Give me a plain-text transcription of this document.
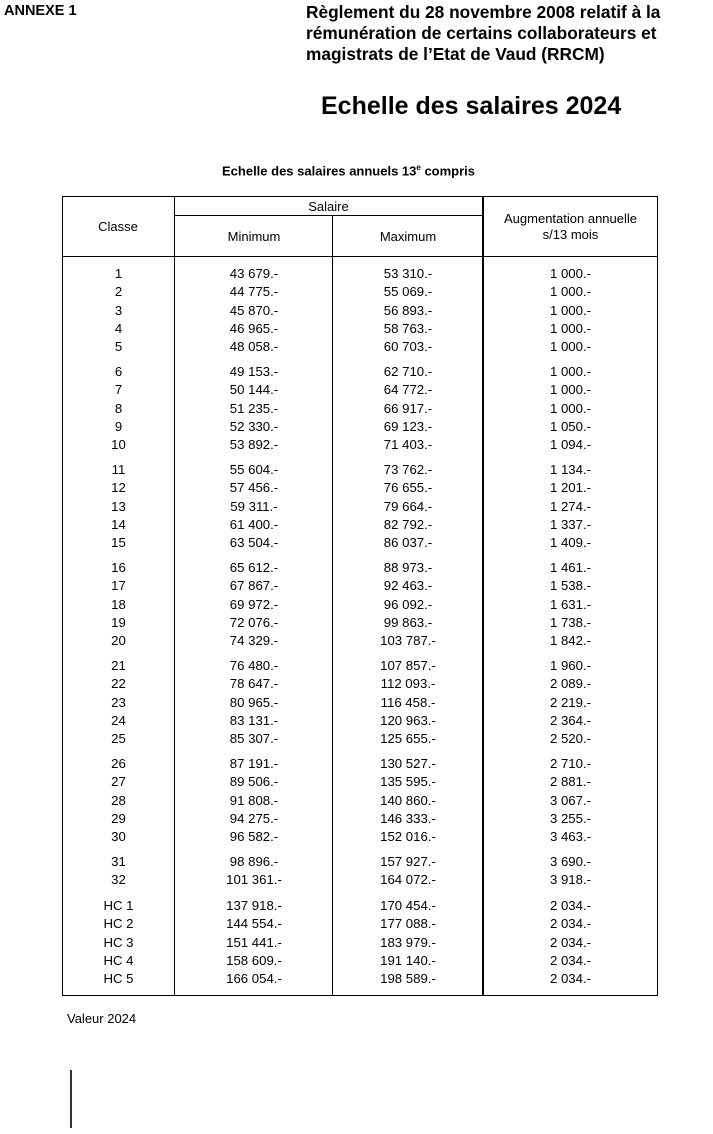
ANNEXE 1	Règlement du 28 novembre 2008 relatif à la
rémunération de certains collaborateurs et
magistrats de l’Etat de Vaud (RRCM)
Echelle des salaires 2024
Echelle des salaires annuels 13e compris
Classe
Salaire
Minimum	Maximum
Augmentation annuelle
s/13 mois
1	43 679.-	53 310.-	1 000.-
2	44 775.-	55 069.-	1 000.-
3	45 870.-	56 893.-	1 000.-
4	46 965.-	58 763.-	1 000.-
5	48 058.-	60 703.-	1 000.-
6	49 153.-	62 710.-	1 000.-
7	50 144.-	64 772.-	1 000.-
8	51 235.-	66 917.-	1 000.-
9	52 330.-	69 123.-	1 050.-
10	53 892.-	71 403.-	1 094.-
11	55 604.-	73 762.-	1 134.-
12	57 456.-	76 655.-	1 201.-
13	59 311.-	79 664.-	1 274.-
14	61 400.-	82 792.-	1 337.-
15	63 504.-	86 037.-	1 409.-
16	65 612.-	88 973.-	1 461.-
17	67 867.-	92 463.-	1 538.-
18	69 972.-	96 092.-	1 631.-
19	72 076.-	99 863.-	1 738.-
20	74 329.-	103 787.-	1 842.-
21	76 480.-	107 857.-	1 960.-
22	78 647.-	112 093.-	2 089.-
23	80 965.-	116 458.-	2 219.-
24	83 131.-	120 963.-	2 364.-
25	85 307.-	125 655.-	2 520.-
26	87 191.-	130 527.-	2 710.-
27	89 506.-	135 595.-	2 881.-
28	91 808.-	140 860.-	3 067.-
29	94 275.-	146 333.-	3 255.-
30	96 582.-	152 016.-	3 463.-
31	98 896.-	157 927.-	3 690.-
32	101 361.-	164 072.-	3 918.-
HC 1	137 918.-	170 454.-	2 034.-
HC 2	144 554.-	177 088.-	2 034.-
HC 3	151 441.-	183 979.-	2 034.-
HC 4	158 609.-	191 140.-	2 034.-
HC 5	166 054.-	198 589.-	2 034.-
Valeur 2024
